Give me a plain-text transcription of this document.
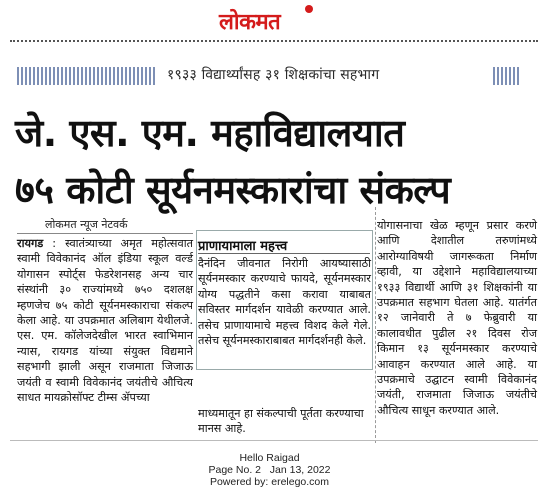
लोकमत
१९३३ विद्यार्थ्यांसह ३१ शिक्षकांचा सहभाग
जे. एस. एम. महाविद्यालयात
७५ कोटी सूर्यनमस्कारांचा संकल्प
लोकमत न्यूज नेटवर्क
रायगड : स्वातंत्र्याच्या अमृत महोत्सवात स्वामी विवेकानंद ऑल इंडिया स्कूल वर्ल्ड योगासन स्पोर्ट्स फेडरेशनसह अन्य चार संस्थांनी ३० राज्यांमध्ये ७५० दशलक्ष म्हणजेच ७५ कोटी सूर्यनमस्काराचा संकल्प केला आहे. या उपक्रमात अलिबाग येथीलजे. एस. एम. कॉलेजदेखील भारत स्वाभिमान न्यास, रायगड यांच्या संयुक्त विद्यमाने सहभागी झाली असून राजमाता जिजाऊ जयंती व स्वामी विवेकानंद जयंतीचे औचित्य साधत मायक्रोसॉफ्ट टीम्स ॲपच्या
प्राणायामाला महत्त्व
दैनंदिन जीवनात निरोगी आयष्यासाठी सूर्यनमस्कार करण्याचे फायदे, सूर्यनमस्कार योग्य पद्धतीने कसा करावा याबाबत सविस्तर मार्गदर्शन यावेळी करण्यात आले. तसेच प्राणायामाचे महत्त्व विशद केले गेले. तसेच सूर्यनमस्काराबाबत मार्गदर्शनही केले.
माध्यमातून हा संकल्पाची पूर्तता करण्याचा मानस आहे.
योगासनाचा खेळ म्हणून प्रसार करणे आणि देशातील तरुणांमध्ये आरोग्याविषयी जागरूकता निर्माण व्हावी, या उद्देशाने महाविद्यालयाच्या १९३३ विद्यार्थी आणि ३१ शिक्षकांनी या उपक्रमात सहभाग घेतला आहे. यातंर्गत १२ जानेवारी ते ७ फेब्रुवारी या कालावधीत पुढील २१ दिवस रोज किमान १३ सूर्यनमस्कार करण्याचे आवाहन करण्यात आले आहे. या उपक्रमाचे उद्घाटन स्वामी विवेकानंद जयंती, राजमाता जिजाऊ जयंतीचे औचित्य साधून करण्यात आले.
Hello Raigad
Page No. 2   Jan 13, 2022
Powered by: erelego.com
